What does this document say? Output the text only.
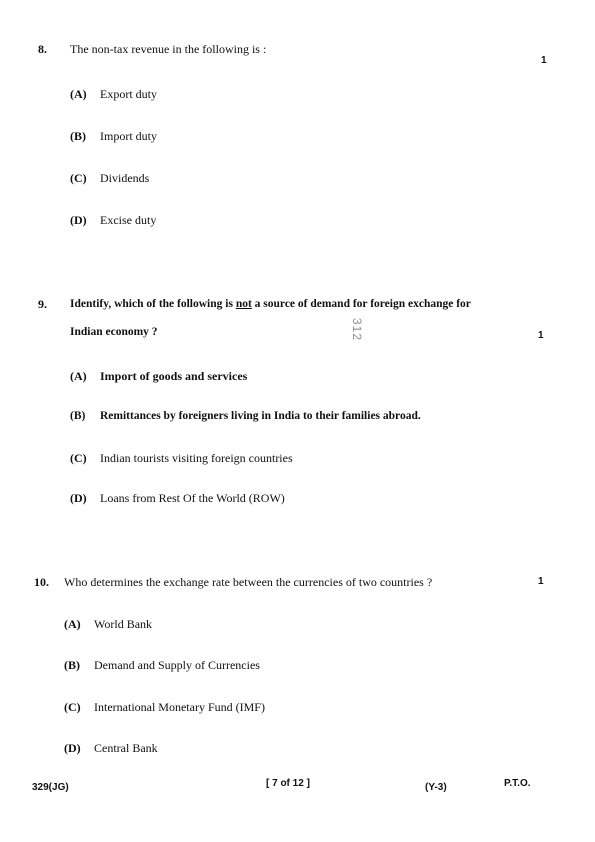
8. The non-tax revenue in the following is :
1
(A) Export duty
(B) Import duty
(C) Dividends
(D) Excise duty
9. Identify, which of the following is not a source of demand for foreign exchange for
Indian economy ?	1
312
(A) Import of goods and services
(B) Remittances by foreigners living in India to their families abroad.
(C) Indian tourists visiting foreign countries
(D) Loans from Rest Of the World (ROW)
10. Who determines the exchange rate between the currencies of two countries ?	1
(A) World Bank
(B) Demand and Supply of Currencies
(C) International Monetary Fund (IMF)
(D) Central Bank
329(JG)	[ 7 of 12 ]	(Y-3)	P.T.O.
